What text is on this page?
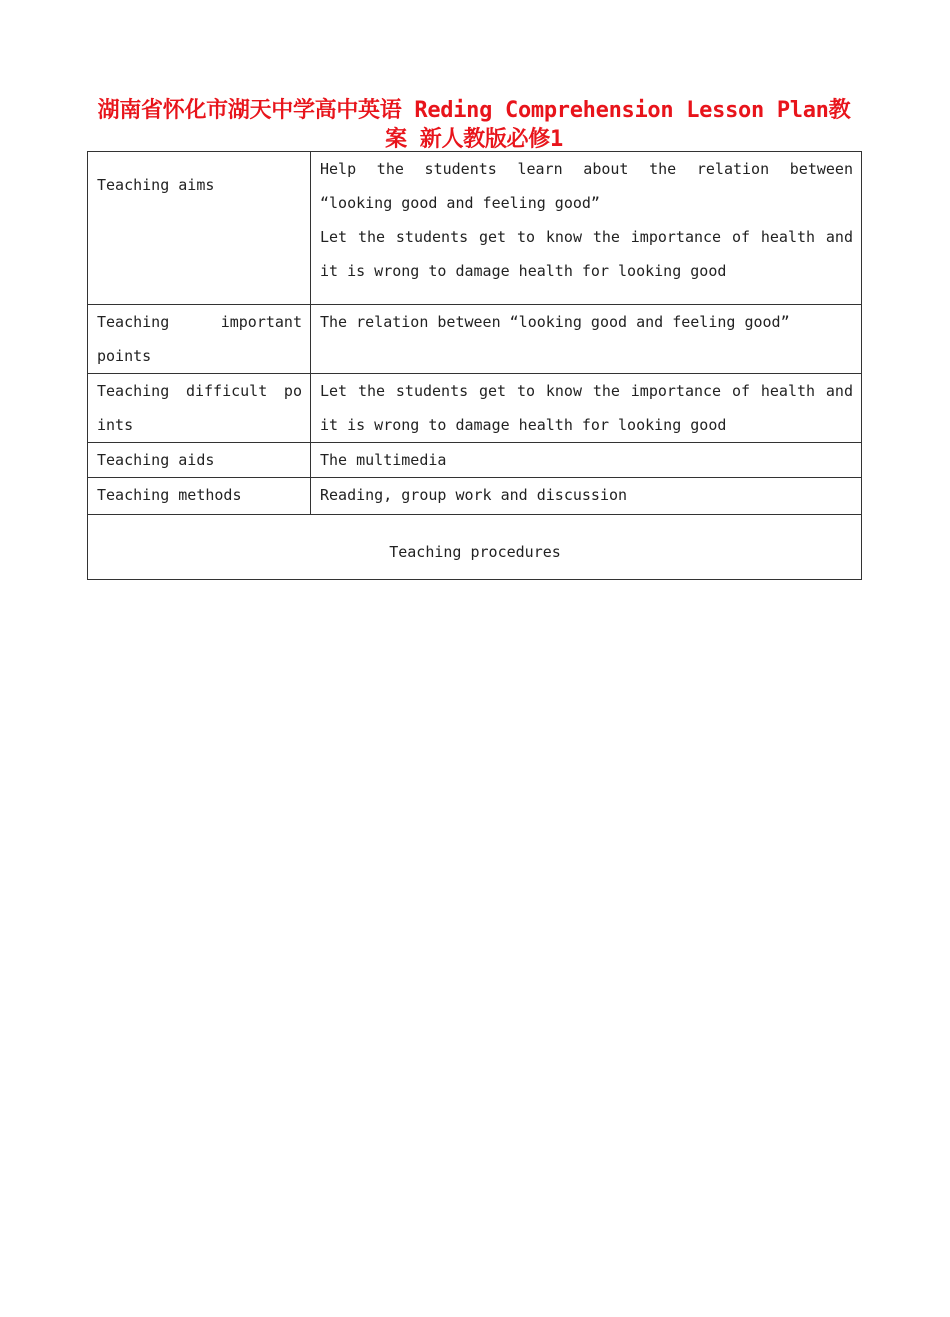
湖南省怀化市湖天中学高中英语 Reding Comprehension Lesson Plan教
案 新人教版必修1
Teaching aims	Help the students learn about the relation between
“looking good and feeling good”
Let the students get to know the importance of health and
it is wrong to damage health for looking good

Teaching important
points	The relation between “looking good and feeling good”

Teaching difficult po
ints	Let the students get to know the importance of health and
it is wrong to damage health for looking good

Teaching aids	The multimedia
Teaching methods	Reading, group work and discussion
Teaching procedures	
